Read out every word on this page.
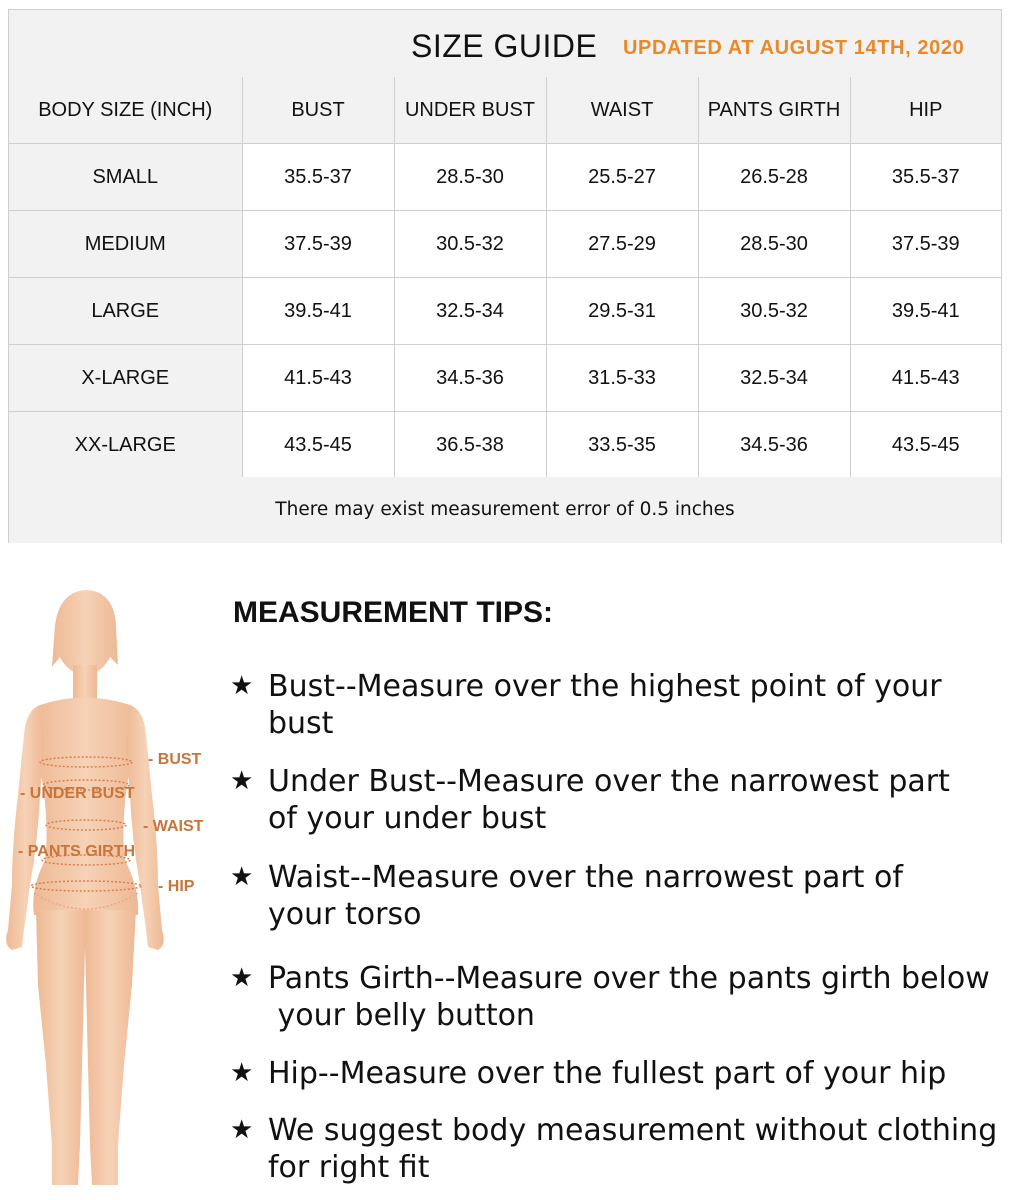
SIZE GUIDE UPDATED AT AUGUST 14TH, 2020
BODY SIZE (INCH)	BUST	UNDER BUST	WAIST	PANTS GIRTH	HIP
SMALL	35.5-37	28.5-30	25.5-27	26.5-28	35.5-37
MEDIUM	37.5-39	30.5-32	27.5-29	28.5-30	37.5-39
LARGE	39.5-41	32.5-34	29.5-31	30.5-32	39.5-41
X-LARGE	41.5-43	34.5-36	31.5-33	32.5-34	41.5-43
XX-LARGE	43.5-45	36.5-38	33.5-35	34.5-36	43.5-45
There may exist measurement error of 0.5 inches
- BUST
- UNDER BUST
- WAIST
- PANTS GIRTH
- HIP
MEASUREMENT TIPS:
★ Bust--Measure over the highest point of your
bust
★ Under Bust--Measure over the narrowest part
of your under bust
★ Waist--Measure over the narrowest part of
your torso
★ Pants Girth--Measure over the pants girth below
your belly button
★ Hip--Measure over the fullest part of your hip
★ We suggest body measurement without clothing
for right fit
